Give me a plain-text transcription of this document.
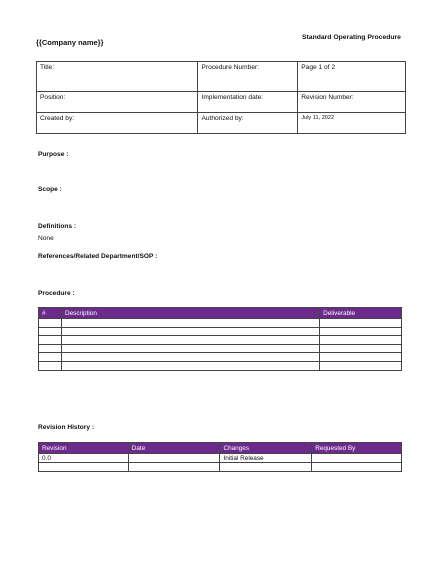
{{Company name}}
Standard Operating Procedure
Title:	Procedure Number:	Page 1 of 2
Position:	Implementation date:	Revision Number:
Created by:	Authorized by:	July 11, 2022
Purpose :
Scope :
Definitions :
None
References/Related Department/SOP :
Procedure :
#	Description	Deliverable

Revision History :
Revision	Date	Changes	Requested By
0.0		Initial Release	
